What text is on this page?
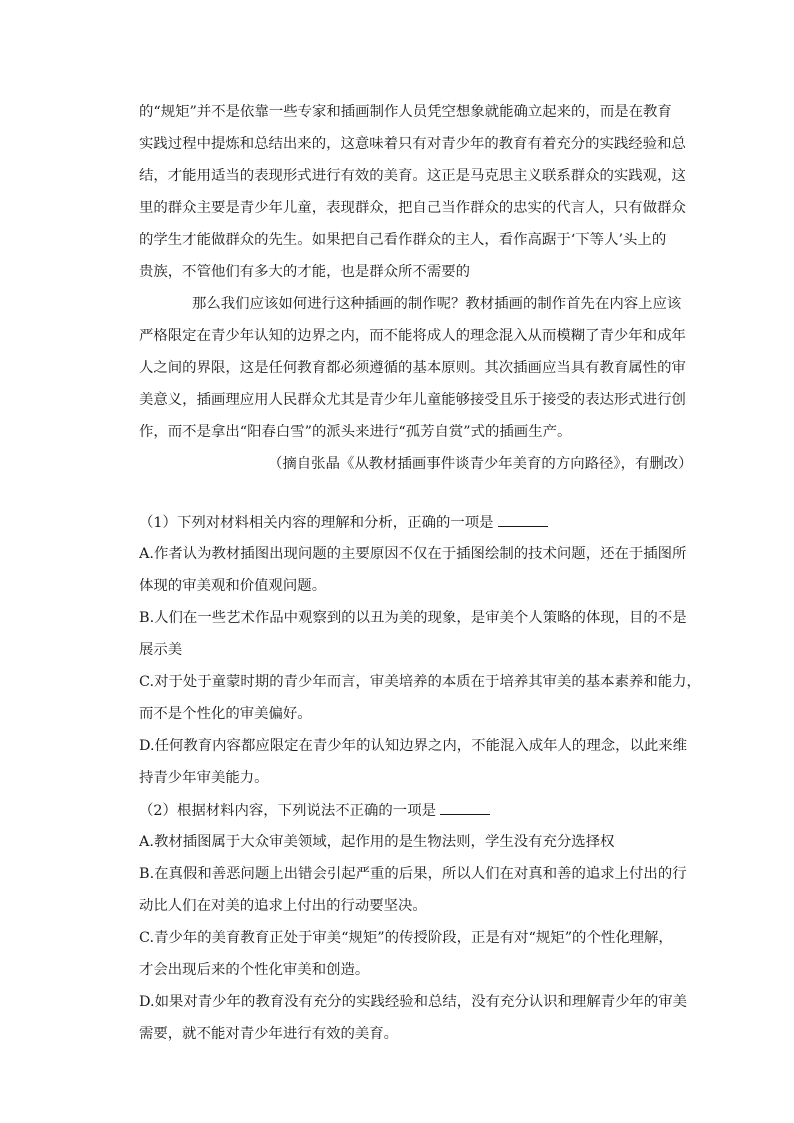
的“规矩”并不是依靠一些专家和插画制作人员凭空想象就能确立起来的，而是在教育
实践过程中提炼和总结出来的，这意味着只有对青少年的教育有着充分的实践经验和总
结，才能用适当的表现形式进行有效的美育。这正是马克思主义联系群众的实践观，这
里的群众主要是青少年儿童，表现群众，把自己当作群众的忠实的代言人，只有做群众
的学生才能做群众的先生。如果把自己看作群众的主人，看作高踞于‘下等人’头上的
贵族，不管他们有多大的才能，也是群众所不需要的
那么我们应该如何进行这种插画的制作呢？教材插画的制作首先在内容上应该
严格限定在青少年认知的边界之内，而不能将成人的理念混入从而模糊了青少年和成年
人之间的界限，这是任何教育都必须遵循的基本原则。其次插画应当具有教育属性的审
美意义，插画理应用人民群众尤其是青少年儿童能够接受且乐于接受的表达形式进行创
作，而不是拿出“阳春白雪”的派头来进行“孤芳自赏”式的插画生产。
（摘自张晶《从教材插画事件谈青少年美育的方向路径》，有删改）
（1）下列对材料相关内容的理解和分析，正确的一项是
A.作者认为教材插图出现问题的主要原因不仅在于插图绘制的技术问题，还在于插图所
体现的审美观和价值观问题。
B.人们在一些艺术作品中观察到的以丑为美的现象，是审美个人策略的体现，目的不是
展示美
C.对于处于童蒙时期的青少年而言，审美培养的本质在于培养其审美的基本素养和能力，
而不是个性化的审美偏好。
D.任何教育内容都应限定在青少年的认知边界之内，不能混入成年人的理念，以此来维
持青少年审美能力。
（2）根据材料内容，下列说法不正确的一项是
A.教材插图属于大众审美领域，起作用的是生物法则，学生没有充分选择权
B.在真假和善恶问题上出错会引起严重的后果，所以人们在对真和善的追求上付出的行
动比人们在对美的追求上付出的行动要坚决。
C.青少年的美育教育正处于审美“规矩”的传授阶段，正是有对“规矩”的个性化理解，
才会出现后来的个性化审美和创造。
D.如果对青少年的教育没有充分的实践经验和总结，没有充分认识和理解青少年的审美
需要，就不能对青少年进行有效的美育。
